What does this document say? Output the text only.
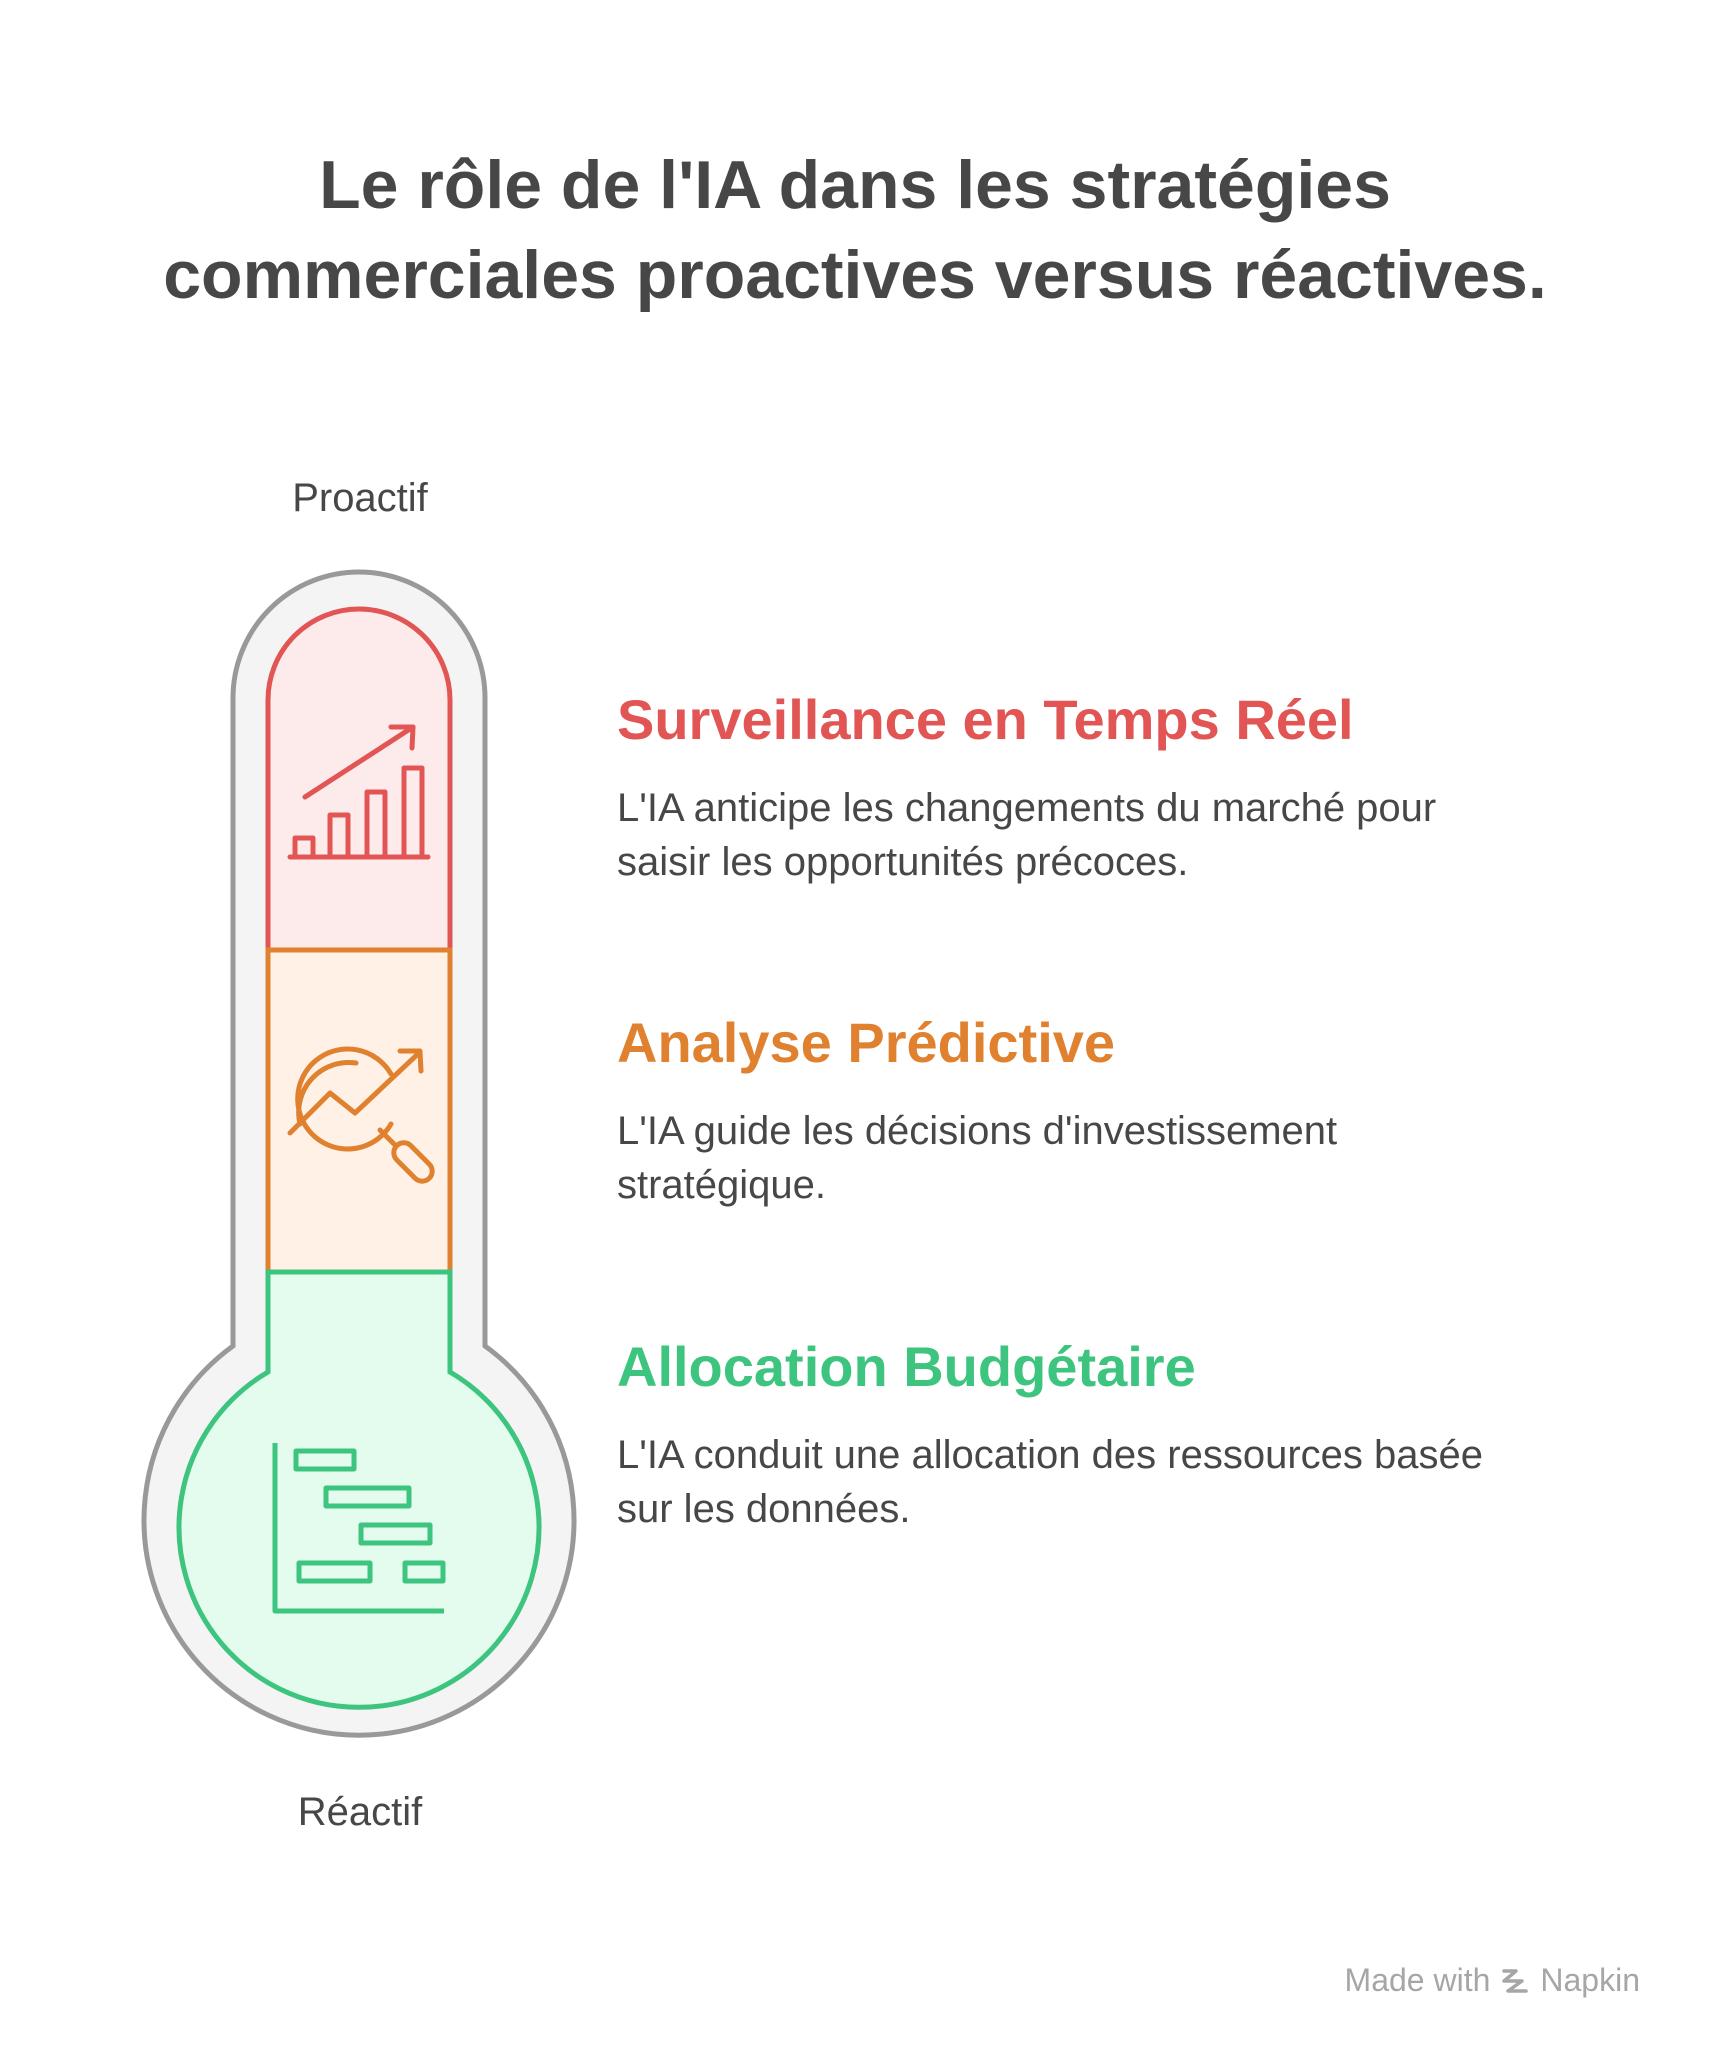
Le rôle de l'IA dans les stratégies
commerciales proactives versus réactives.
Proactif
Réactif
Surveillance en Temps Réel

L'IA anticipe les changements du marché pour saisir les opportunités précoces.

Analyse Prédictive

L'IA guide les décisions d'investissement stratégique.

Allocation Budgétaire

L'IA conduit une allocation des ressources basée sur les données.

Made with Napkin
